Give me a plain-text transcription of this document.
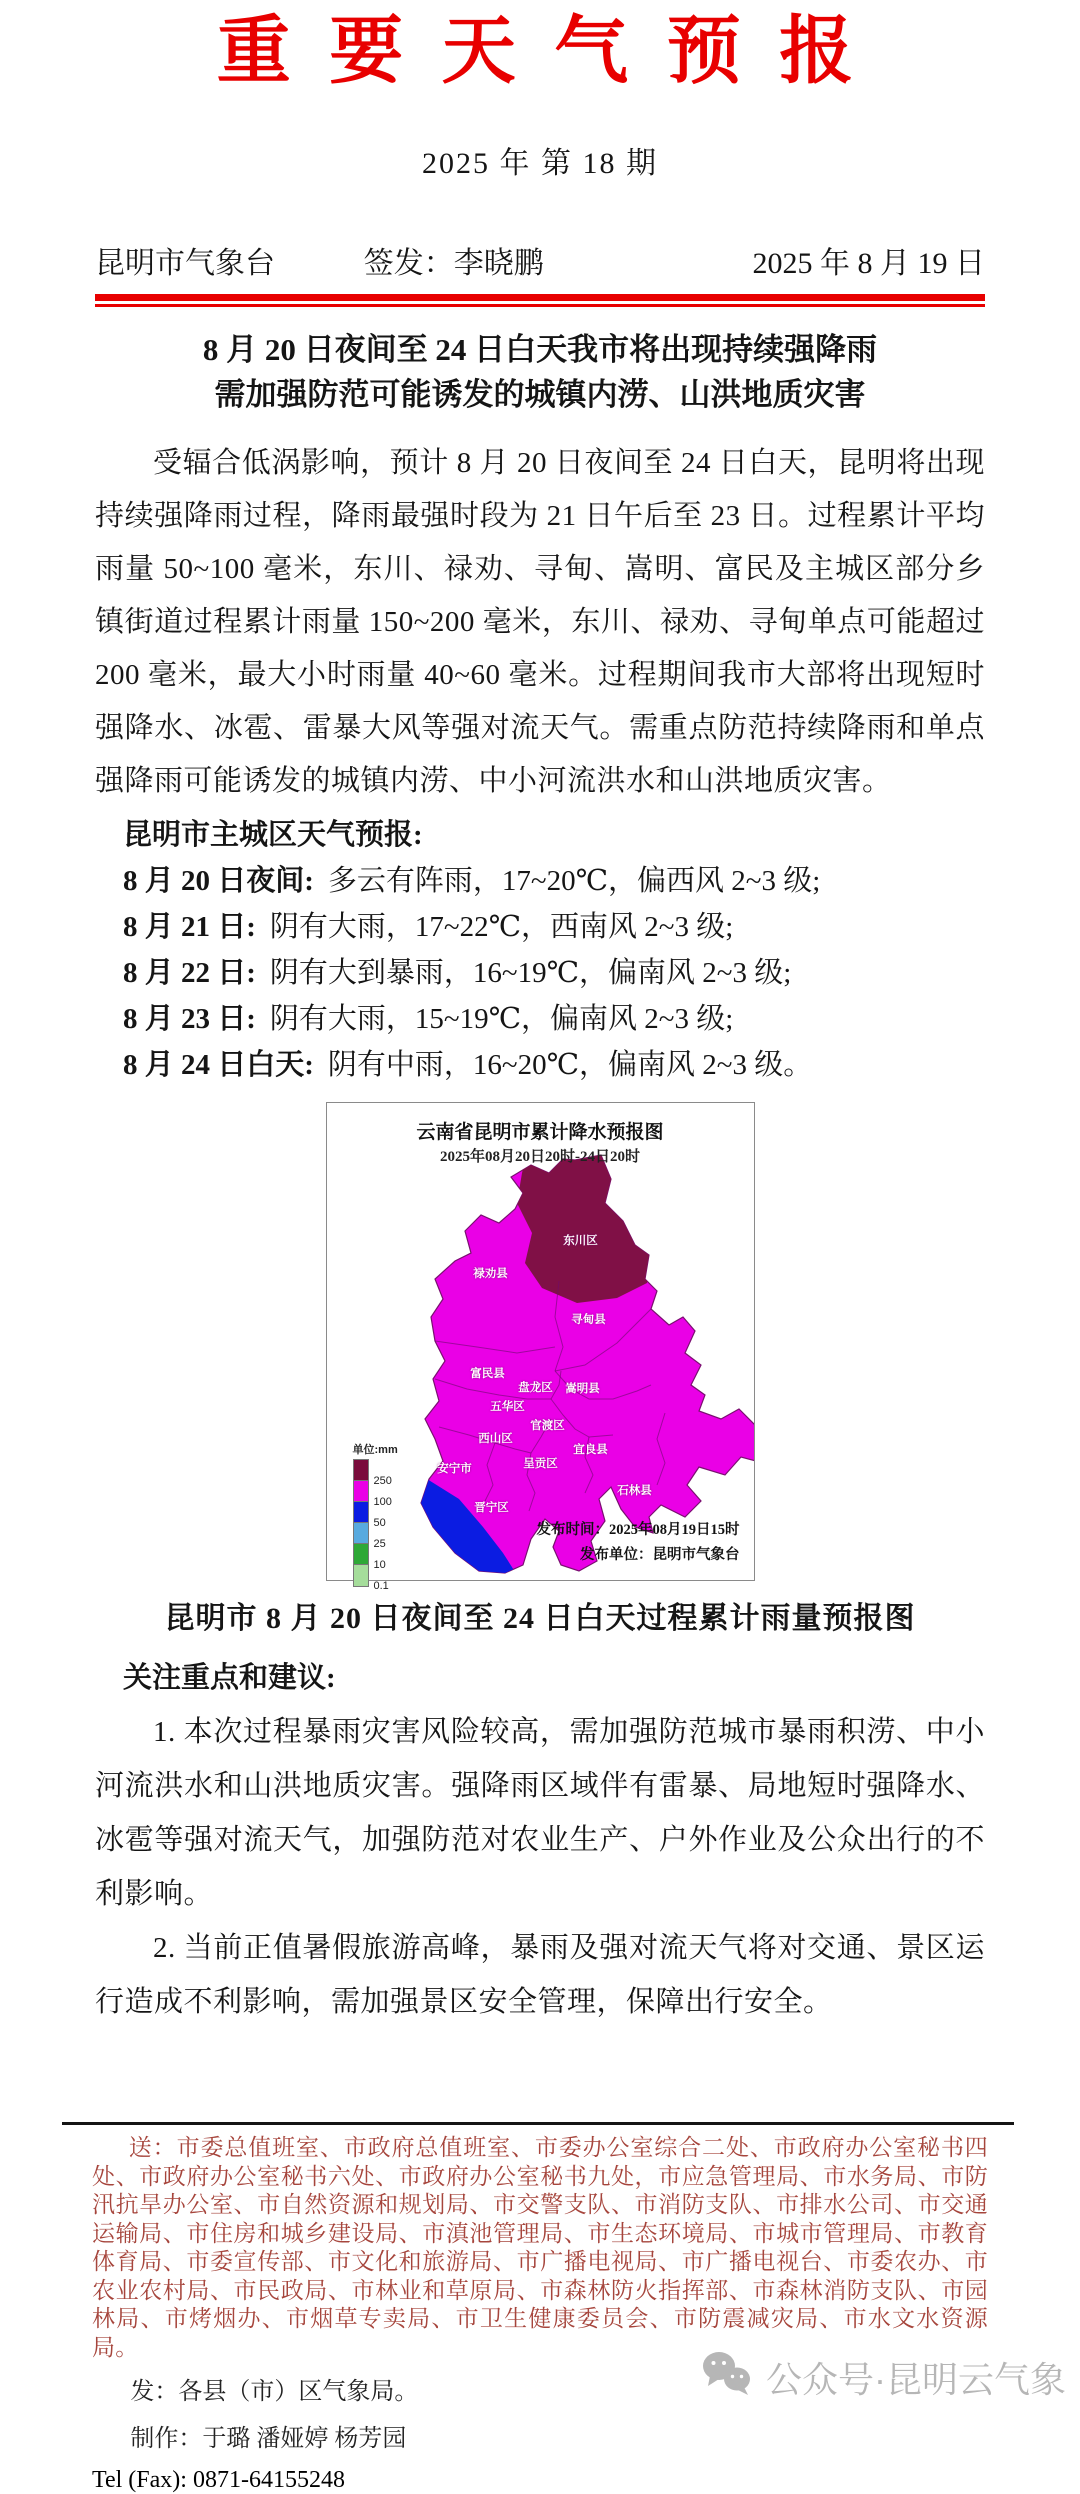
重 要 天 气 预 报
2025 年 第 18 期
昆明市气象台	签发：李晓鹏	2025 年 8 月 19 日
8 月 20 日夜间至 24 日白天我市将出现持续强降雨
需加强防范可能诱发的城镇内涝、山洪地质灾害
受辐合低涡影响，预计 8 月 20 日夜间至 24 日白天，昆明将出现持续强降雨过程，降雨最强时段为 21 日午后至 23 日。过程累计平均雨量 50~100 毫米，东川、禄劝、寻甸、嵩明、富民及主城区部分乡镇街道过程累计雨量 150~200 毫米，东川、禄劝、寻甸单点可能超过 200 毫米，最大小时雨量 40~60 毫米。过程期间我市大部将出现短时强降水、冰雹、雷暴大风等强对流天气。需重点防范持续降雨和单点强降雨可能诱发的城镇内涝、中小河流洪水和山洪地质灾害。
昆明市主城区天气预报:
8 月 20 日夜间: 多云有阵雨，17~20℃，偏西风 2~3 级;
8 月 21 日: 阴有大雨，17~22℃，西南风 2~3 级;
8 月 22 日: 阴有大到暴雨，16~19℃，偏南风 2~3 级;
8 月 23 日: 阴有大雨，15~19℃，偏南风 2~3 级;
8 月 24 日白天: 阴有中雨，16~20℃，偏南风 2~3 级。
东川区
禄劝县
寻甸县
富民县
盘龙区 嵩明县
五华区
官渡区
西山区
宜良县
呈贡区
安宁市
石林县
晋宁区
云南省昆明市累计降水预报图
2025年08月20日20时-24日20时
单位:mm
250
100
50
25
10
0.1
发布时间：2025年08月19日15时
发布单位：昆明市气象台
昆明市 8 月 20 日夜间至 24 日白天过程累计雨量预报图
关注重点和建议:

1. 本次过程暴雨灾害风险较高，需加强防范城市暴雨积涝、中小河流洪水和山洪地质灾害。强降雨区域伴有雷暴、局地短时强降水、冰雹等强对流天气，加强防范对农业生产、户外作业及公众出行的不利影响。

2. 当前正值暑假旅游高峰，暴雨及强对流天气将对交通、景区运行造成不利影响，需加强景区安全管理，保障出行安全。

送：市委总值班室、市政府总值班室、市委办公室综合二处、市政府办公室秘书四处、市政府办公室秘书六处、市政府办公室秘书九处，市应急管理局、市水务局、市防汛抗旱办公室、市自然资源和规划局、市交警支队、市消防支队、市排水公司、市交通运输局、市住房和城乡建设局、市滇池管理局、市生态环境局、市城市管理局、市教育体育局、市委宣传部、市文化和旅游局、市广播电视局、市广播电视台、市委农办、市农业农村局、市民政局、市林业和草原局、市森林防火指挥部、市森林消防支队、市园林局、市烤烟办、市烟草专卖局、市卫生健康委员会、市防震减灾局、市水文水资源局。
发：各县（市）区气象局。
制作：于璐 潘娅婷 杨芳园
Tel (Fax): 0871-64155248
公众号·昆明云气象
